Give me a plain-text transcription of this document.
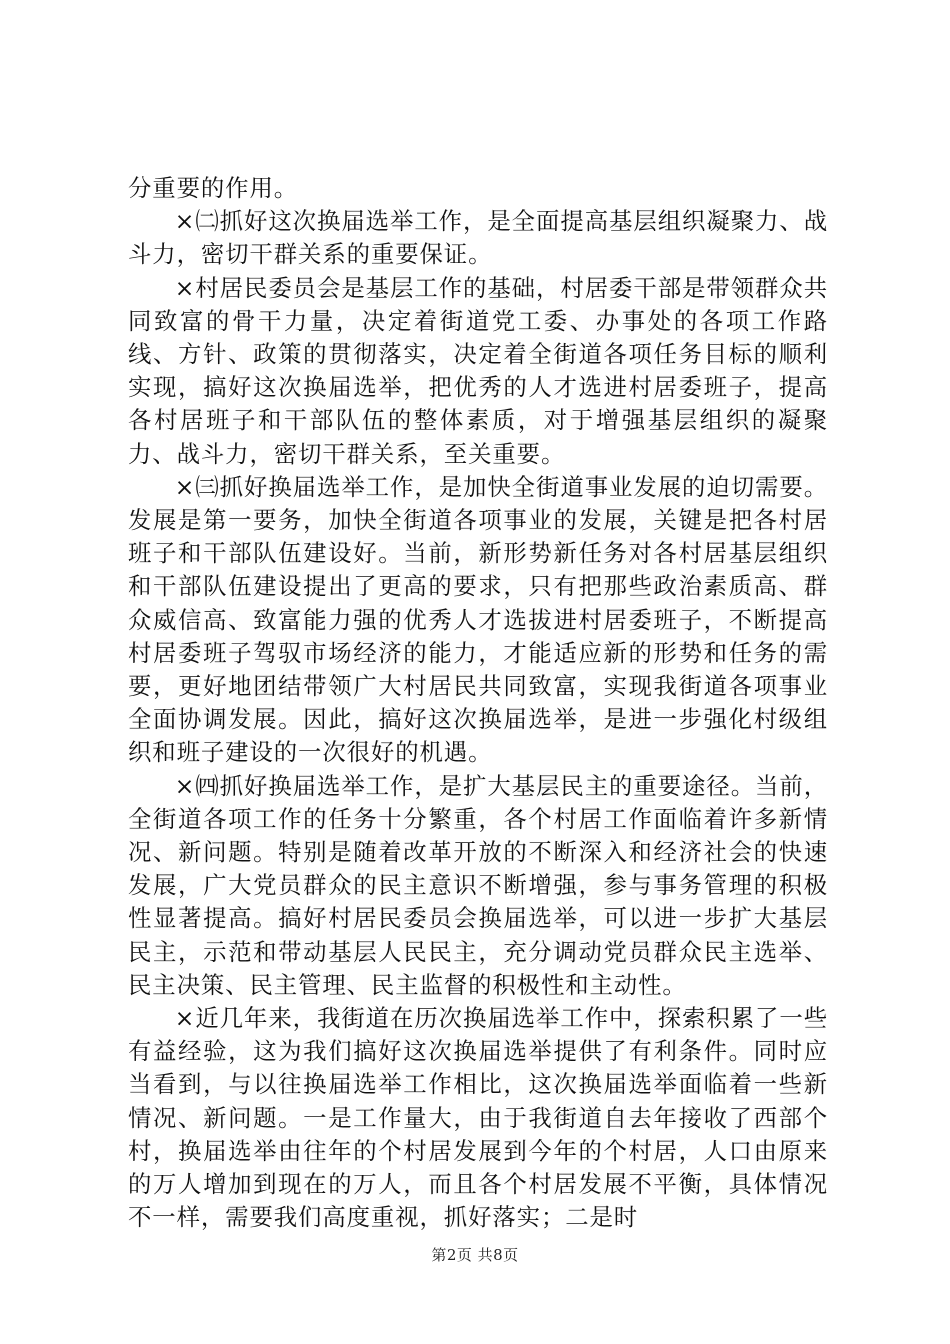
分重要的作用。

×㈡抓好这次换届选举工作，是全面提高基层组织凝聚力、战斗力，密切干群关系的重要保证。

×村居民委员会是基层工作的基础，村居委干部是带领群众共同致富的骨干力量，决定着街道党工委、办事处的各项工作路线、方针、政策的贯彻落实，决定着全街道各项任务目标的顺利实现，搞好这次换届选举，把优秀的人才选进村居委班子，提高各村居班子和干部队伍的整体素质，对于增强基层组织的凝聚力、战斗力，密切干群关系，至关重要。

×㈢抓好换届选举工作，是加快全街道事业发展的迫切需要。发展是第一要务，加快全街道各项事业的发展，关键是把各村居班子和干部队伍建设好。当前，新形势新任务对各村居基层组织和干部队伍建设提出了更高的要求，只有把那些政治素质高、群众威信高、致富能力强的优秀人才选拔进村居委班子，不断提高村居委班子驾驭市场经济的能力，才能适应新的形势和任务的需要，更好地团结带领广大村居民共同致富，实现我街道各项事业全面协调发展。因此，搞好这次换届选举，是进一步强化村级组织和班子建设的一次很好的机遇。

×㈣抓好换届选举工作，是扩大基层民主的重要途径。当前，全街道各项工作的任务十分繁重，各个村居工作面临着许多新情况、新问题。特别是随着改革开放的不断深入和经济社会的快速发展，广大党员群众的民主意识不断增强，参与事务管理的积极性显著提高。搞好村居民委员会换届选举，可以进一步扩大基层民主，示范和带动基层人民民主，充分调动党员群众民主选举、民主决策、民主管理、民主监督的积极性和主动性。

×近几年来，我街道在历次换届选举工作中，探索积累了一些有益经验，这为我们搞好这次换届选举提供了有利条件。同时应当看到，与以往换届选举工作相比，这次换届选举面临着一些新情况、新问题。一是工作量大，由于我街道自去年接收了西部个村，换届选举由往年的个村居发展到今年的个村居，人口由原来的万人增加到现在的万人，而且各个村居发展不平衡，具体情况不一样，需要我们高度重视，抓好落实；二是时

第2页 共8页
